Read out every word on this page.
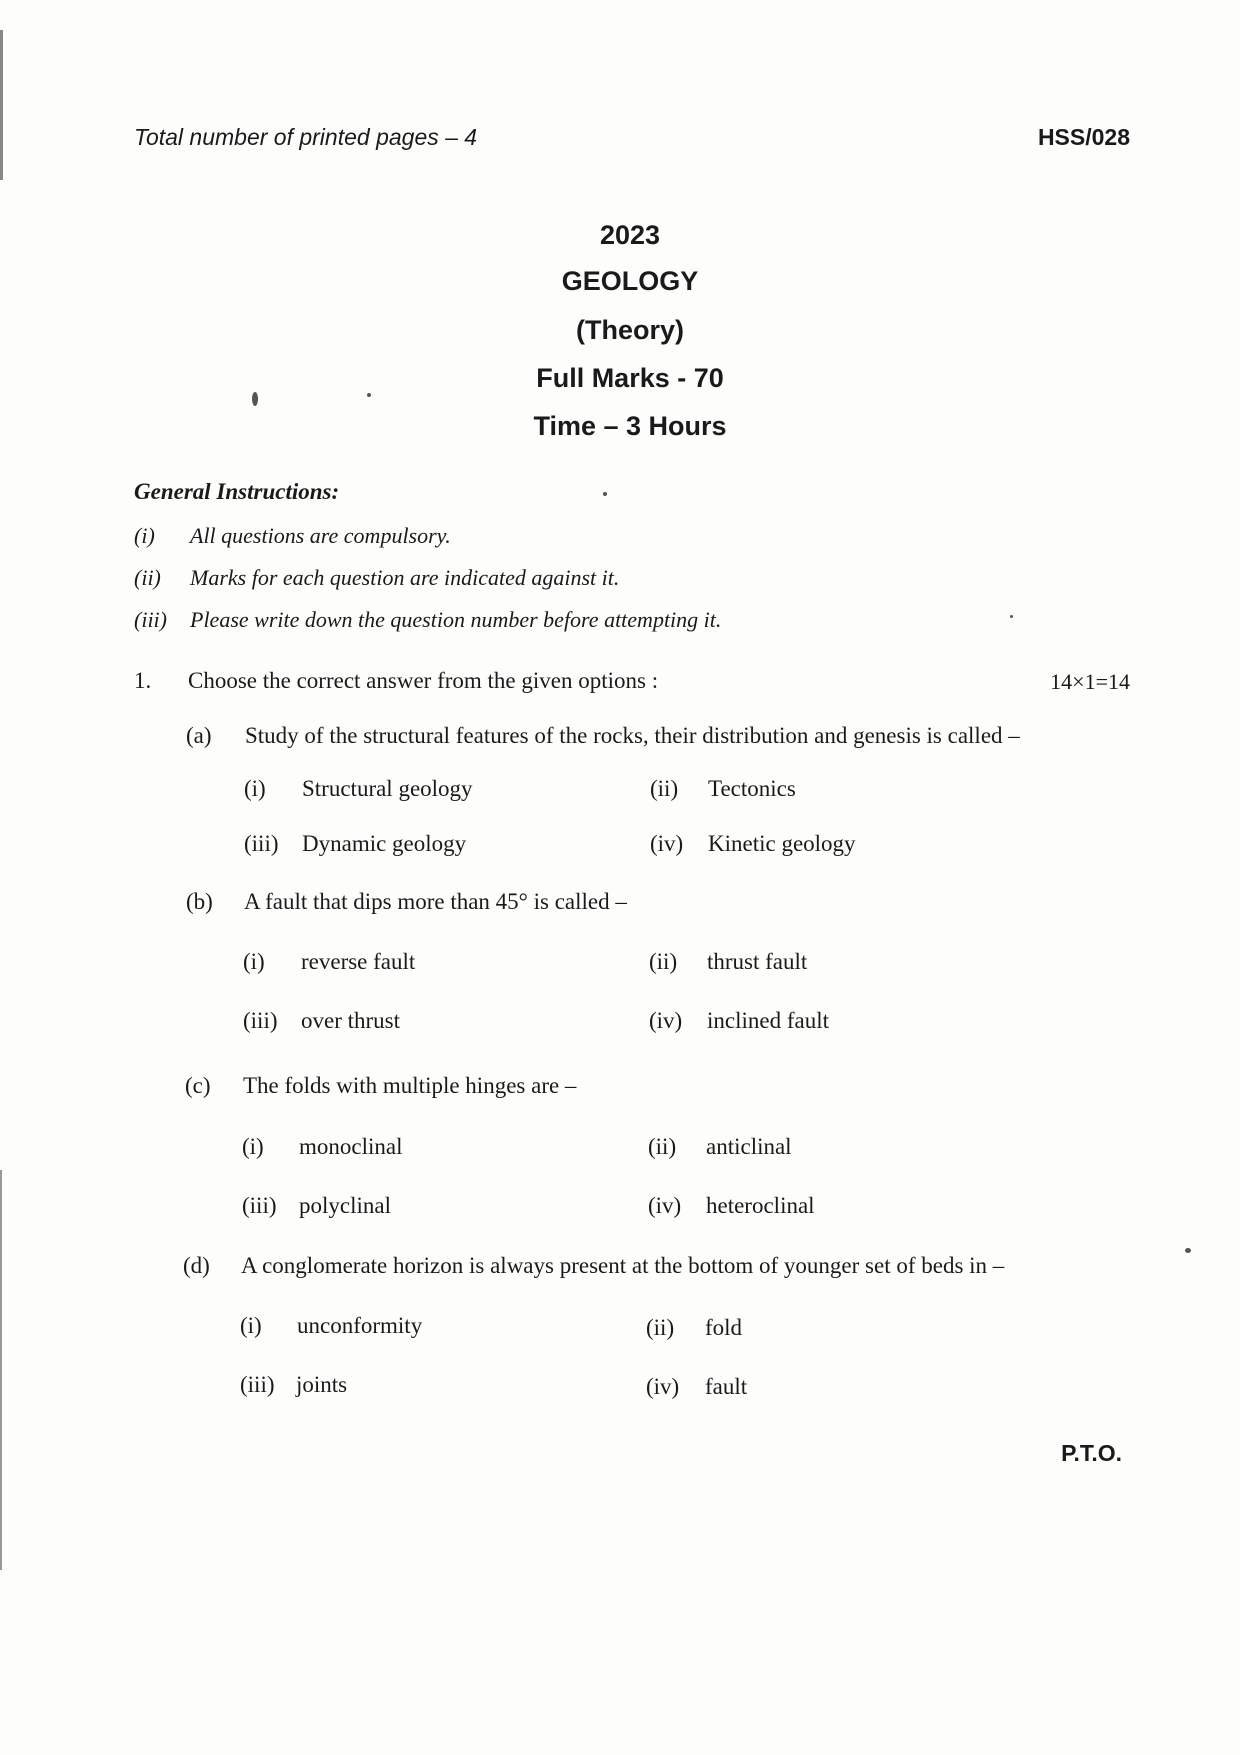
Total number of printed pages – 4	HSS/028
2023
GEOLOGY
(Theory)
Full Marks - 70
Time – 3 Hours
General Instructions:
(i) All questions are compulsory.
(ii) Marks for each question are indicated against it.
(iii) Please write down the question number before attempting it.
1. Choose the correct answer from the given options :	14×1=14
(a) Study of the structural features of the rocks, their distribution and genesis is called –
(i) Structural geology	(ii) Tectonics
(iii) Dynamic geology	(iv) Kinetic geology
(b) A fault that dips more than 45° is called –
(i) reverse fault	(ii) thrust fault
(iii) over thrust	(iv) inclined fault
(c) The folds with multiple hinges are –
(i) monoclinal	(ii) anticlinal
(iii) polyclinal	(iv) heteroclinal
(d) A conglomerate horizon is always present at the bottom of younger set of beds in –
(i) unconformity	(ii) fold
(iii) joints	(iv) fault
P.T.O.
